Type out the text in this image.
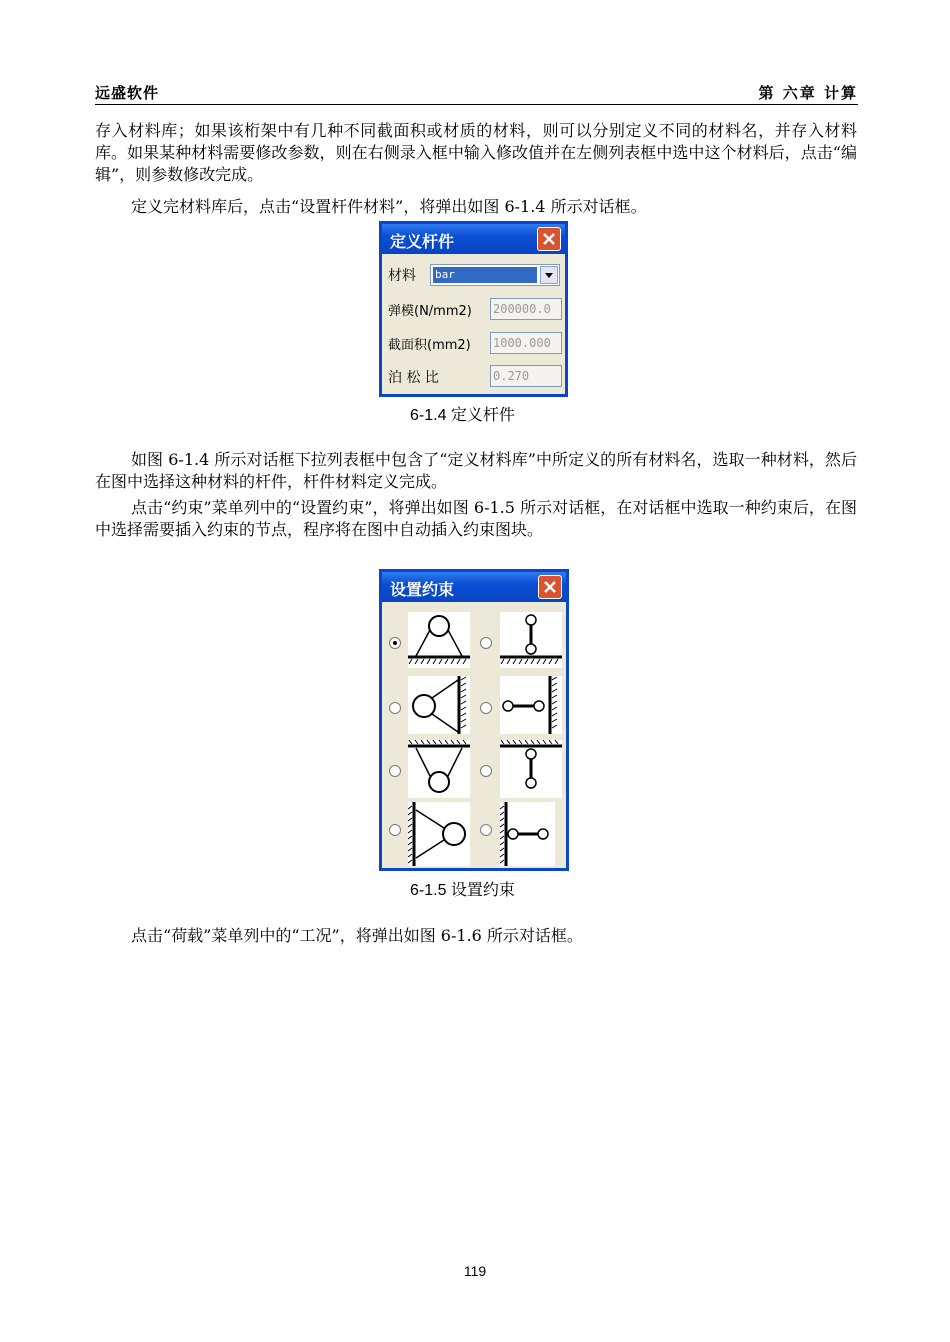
远盛软件	第 六章 计算
存入材料库；如果该桁架中有几种不同截面积或材质的材料，则可以分别定义不同的材料名，并存入材料库。如果某种材料需要修改参数，则在右侧录入框中输入修改值并在左侧列表框中选中这个材料后，点击“编辑”，则参数修改完成。
定义完材料库后，点击“设置杆件材料”，将弹出如图 6-1.4 所示对话框。
定义杆件
材料 bar
弹模(N/mm2) 200000.0
截面积(mm2) 1000.000
泊 松 比	0.270
6-1.4 定义杆件
如图 6-1.4 所示对话框下拉列表框中包含了“定义材料库”中所定义的所有材料名，选取一种材料，然后在图中选择这种材料的杆件，杆件材料定义完成。
点击“约束”菜单列中的“设置约束”，将弹出如图 6-1.5 所示对话框，在对话框中选取一种约束后，在图中选择需要插入约束的节点，程序将在图中自动插入约束图块。
设置约束
6-1.5 设置约束
点击“荷载”菜单列中的“工况”，将弹出如图 6-1.6 所示对话框。
119
